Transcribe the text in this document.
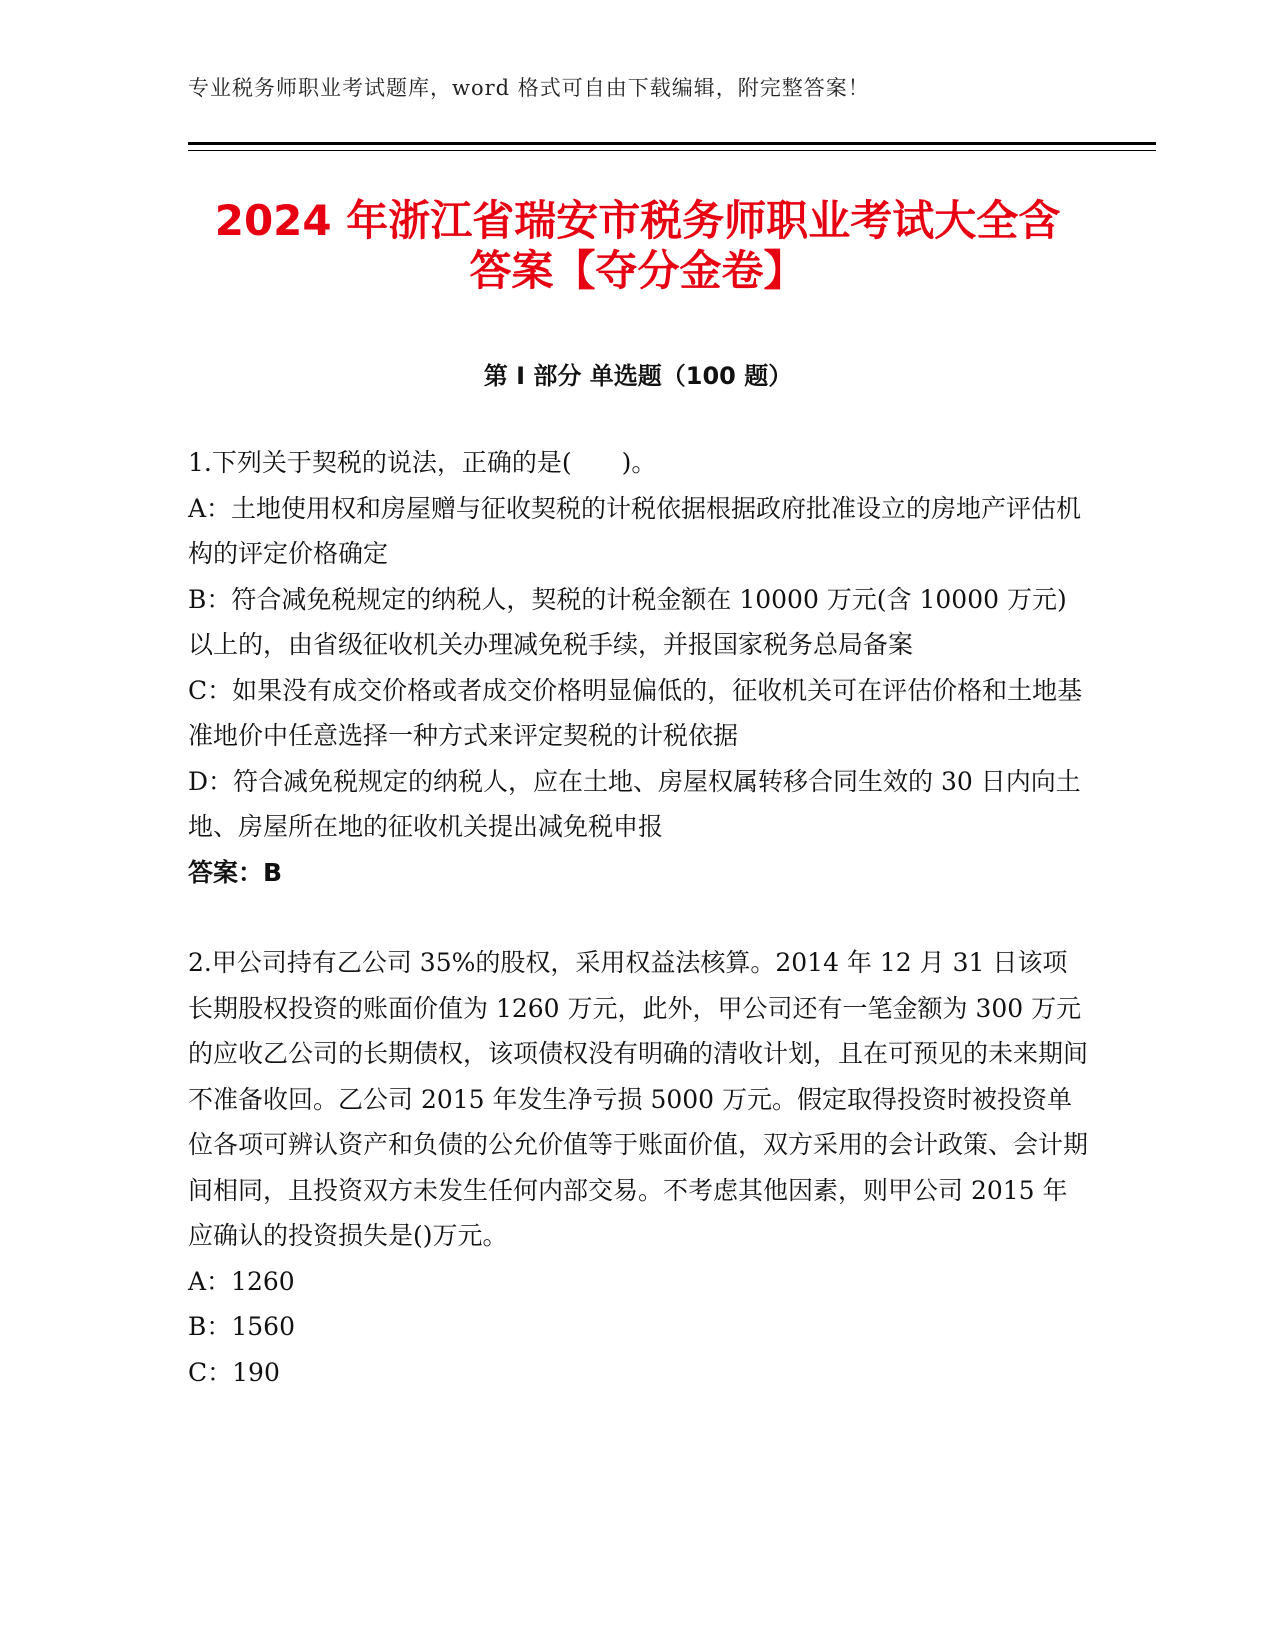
专业税务师职业考试题库，word 格式可自由下载编辑，附完整答案！
2024 年浙江省瑞安市税务师职业考试大全含
答案【夺分金卷】
第 I 部分 单选题（100 题）

1.下列关于契税的说法，正确的是(　　)。

A：土地使用权和房屋赠与征收契税的计税依据根据政府批准设立的房地产评估机构的评定价格确定

B：符合减免税规定的纳税人，契税的计税金额在 10000 万元(含 10000 万元)以上的，由省级征收机关办理减免税手续，并报国家税务总局备案

C：如果没有成交价格或者成交价格明显偏低的，征收机关可在评估价格和土地基准地价中任意选择一种方式来评定契税的计税依据

D：符合减免税规定的纳税人，应在土地、房屋权属转移合同生效的 30 日内向土地、房屋所在地的征收机关提出减免税申报

答案：B

2.甲公司持有乙公司 35%的股权，采用权益法核算。2014 年 12 月 31 日该项长期股权投资的账面价值为 1260 万元，此外，甲公司还有一笔金额为 300 万元的应收乙公司的长期债权，该项债权没有明确的清收计划，且在可预见的未来期间不准备收回。乙公司 2015 年发生净亏损 5000 万元。假定取得投资时被投资单位各项可辨认资产和负债的公允价值等于账面价值，双方采用的会计政策、会计期间相同，且投资双方未发生任何内部交易。不考虑其他因素，则甲公司 2015 年应确认的投资损失是()万元。

A：1260

B：1560

C：190
